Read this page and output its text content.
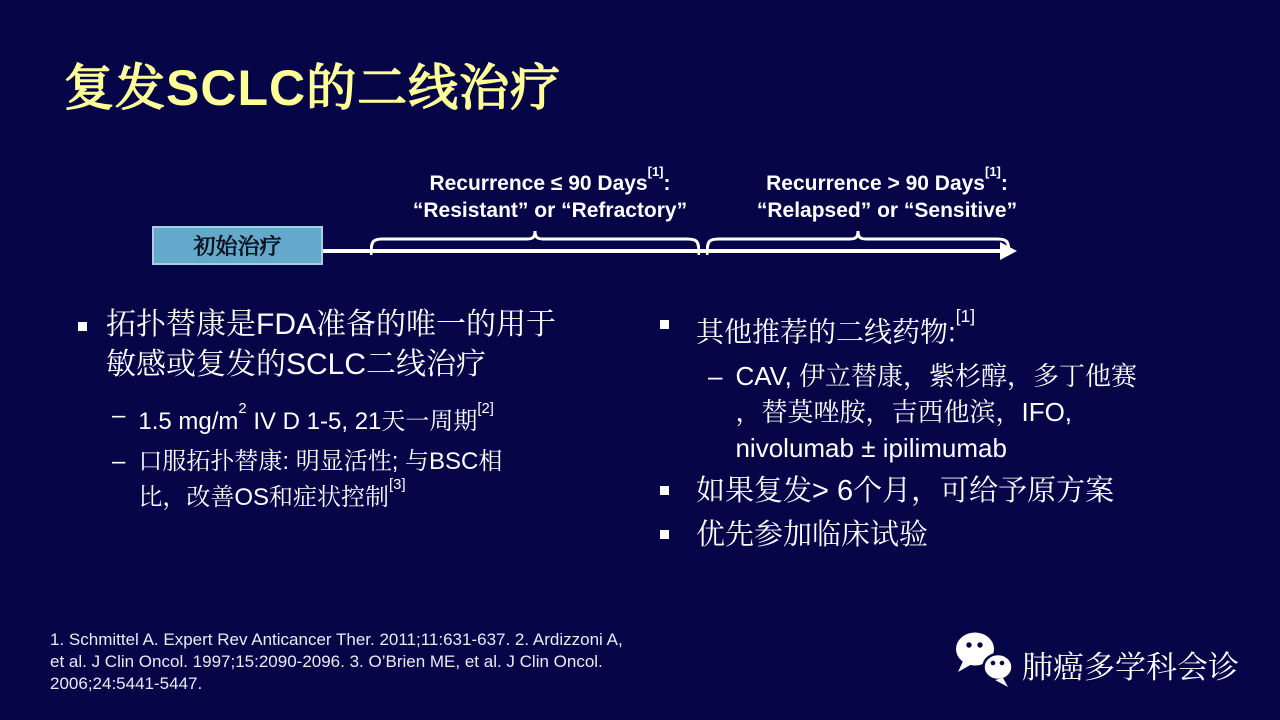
复发SCLC的二线治疗
Recurrence ≤ 90 Days[1]:
“Resistant” or “Refractory”
Recurrence > 90 Days[1]:
“Relapsed” or “Sensitive”
初始治疗
拓扑替康是FDA准备的唯一的用于
敏感或复发的SCLC二线治疗
– 1.5 mg/m$^2$ IV D 1-5, 21天一周期[2]
– 口服拓扑替康: 明显活性; 与BSC相
比，改善OS和症状控制[3]
其他推荐的二线药物:[1]
– CAV, 伊立替康，紫杉醇，多丁他赛
，替莫唑胺，吉西他滨，IFO,
nivolumab ± ipilimumab
如果复发> 6个月，可给予原方案
优先参加临床试验
1. Schmittel A. Expert Rev Anticancer Ther. 2011;11:631-637. 2. Ardizzoni A,
et al. J Clin Oncol. 1997;15:2090-2096. 3. O’Brien ME, et al. J Clin Oncol.
2006;24:5441-5447.	肺癌多学科会诊
